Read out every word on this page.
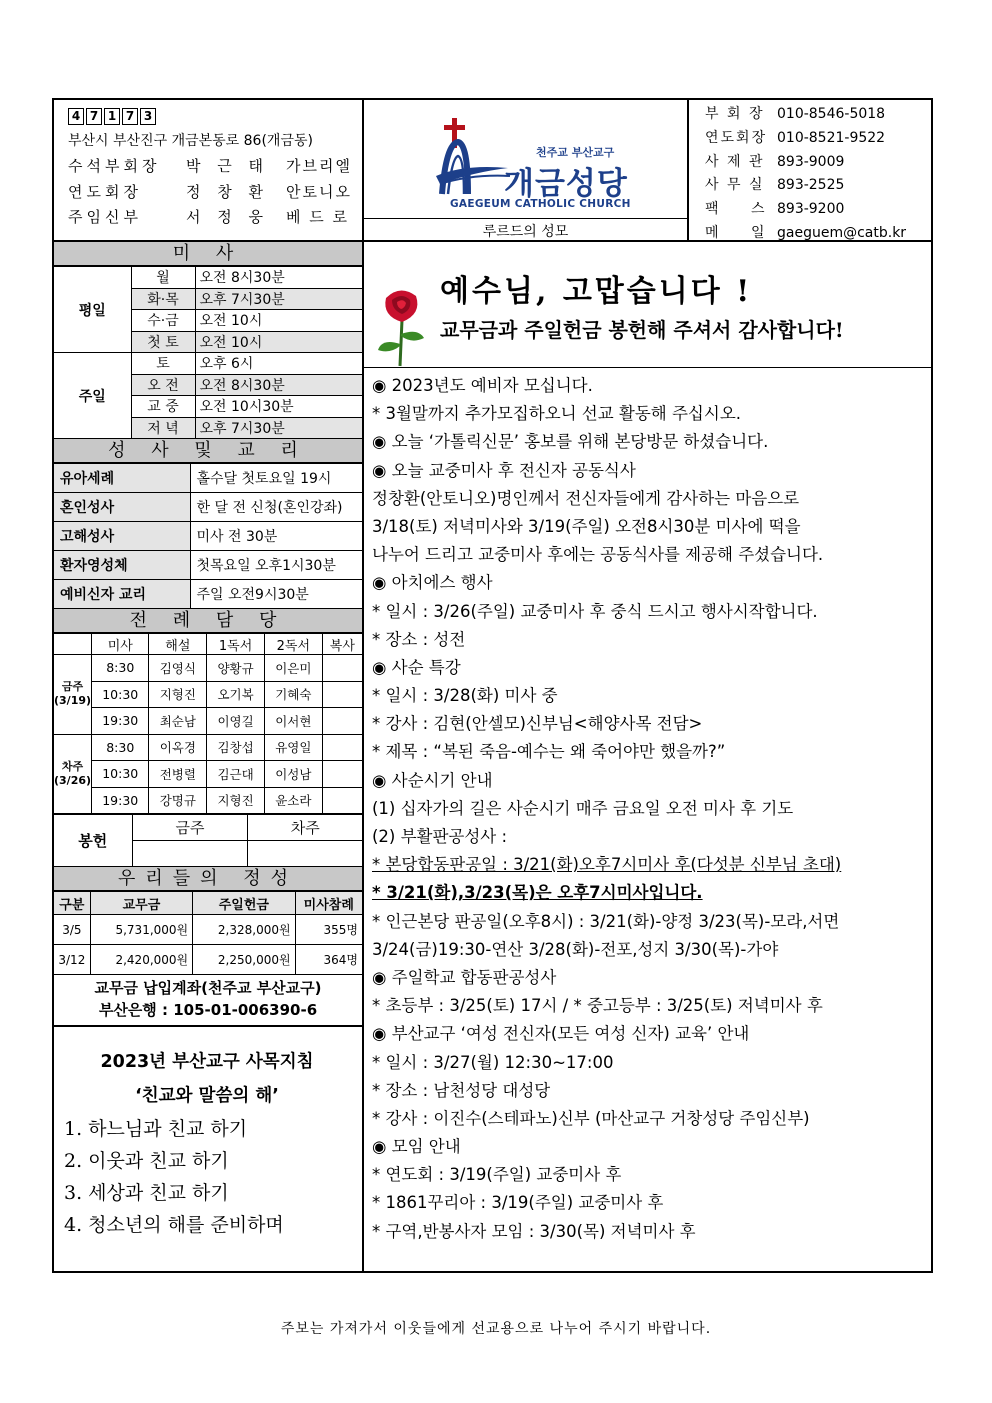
4 7 1 7 3
부산시 부산진구 개금본동로 86(개금동)
수석부회장	박 근 태	가브리엘
연도회장	정 창 환	안토니오
주임신부	서 정 웅	베 드 로
천주교 부산교구
개금성당
GAEGEUM CATHOLIC CHURCH
루르드의 성모
부 회 장 010-8546-5018
연도회장 010-8521-9522
사 제 관 893-9009
사 무 실 893-2525
팩 스
893-9200
메 일
gaeguem@catb.kr
미 사
평일	월	오전 8시30분
	화·목	오후 7시30분
	수·금	오전 10시
	첫 토	오전 10시
주일	토	오후 6시
	오 전	오전 8시30분
	교 중	오전 10시30분
	저 녁	오후 7시30분
성 사 및 교 리
유아세례	홀수달 첫토요일 19시
혼인성사	한 달 전 신청(혼인강좌)
고해성사	미사 전 30분
환자영성체	첫목요일 오후1시30분
예비신자 교리	주일 오전9시30분
전 례 담 당
	미사	해설	1독서	2독서	복사
금주(3/19)	8:30	김영식	양황규	이은미	
	10:30	지형진	오기복	기혜숙	
	19:30	최순남	이영길	이서현	
차주(3/26)	8:30	이옥경	김창섭	유영일	
	10:30	전병렬	김근대	이성남	
	19:30	강명규	지형진	윤소라	
봉헌	금주	차주

우리들의 정성
구분	교무금	주일헌금	미사참례
3/5	5,731,000원	2,328,000원	355명
3/12	2,420,000원	2,250,000원	364명
교무금 납입계좌(천주교 부산교구)
부산은행 : 105-01-006390-6
2023년 부산교구 사목지침
‘친교와 말씀의 해’
1. 하느님과 친교 하기
2. 이웃과 친교 하기
3. 세상과 친교 하기
4. 청소년의 해를 준비하며
예수님, 고맙습니다 !
교무금과 주일헌금 봉헌해 주셔서 감사합니다!
◉ 2023년도 예비자 모십니다.
* 3월말까지 추가모집하오니 선교 활동해 주십시오.
◉ 오늘 ‘가톨릭신문’ 홍보를 위해 본당방문 하셨습니다.
◉ 오늘 교중미사 후 전신자 공동식사
정창환(안토니오)명인께서 전신자들에게 감사하는 마음으로
3/18(토) 저녁미사와 3/19(주일) 오전8시30분 미사에 떡을
나누어 드리고 교중미사 후에는 공동식사를 제공해 주셨습니다.
◉ 아치에스 행사
* 일시 : 3/26(주일) 교중미사 후 중식 드시고 행사시작합니다.
* 장소 : 성전
◉ 사순 특강
* 일시 : 3/28(화) 미사 중
* 강사 : 김현(안셀모)신부님<해양사목 전담>
* 제목 : “복된 죽음-예수는 왜 죽어야만 했을까?”
◉ 사순시기 안내
(1) 십자가의 길은 사순시기 매주 금요일 오전 미사 후 기도
(2) 부활판공성사 :
* 본당합동판공일 : 3/21(화)오후7시미사 후(다섯분 신부님 초대)
* 3/21(화),3/23(목)은 오후7시미사입니다.
* 인근본당 판공일(오후8시) : 3/21(화)-양정 3/23(목)-모라,서면
3/24(금)19:30-연산 3/28(화)-전포,성지 3/30(목)-가야
◉ 주일학교 합동판공성사
* 초등부 : 3/25(토) 17시 / * 중고등부 : 3/25(토) 저녁미사 후
◉ 부산교구 ‘여성 전신자(모든 여성 신자) 교육’ 안내
* 일시 : 3/27(월) 12:30~17:00
* 장소 : 남천성당 대성당
* 강사 : 이진수(스테파노)신부 (마산교구 거창성당 주임신부)
◉ 모임 안내
* 연도회 : 3/19(주일) 교중미사 후
* 1861꾸리아 : 3/19(주일) 교중미사 후
* 구역,반봉사자 모임 : 3/30(목) 저녁미사 후
주보는 가져가서 이웃들에게 선교용으로 나누어 주시기 바랍니다.
